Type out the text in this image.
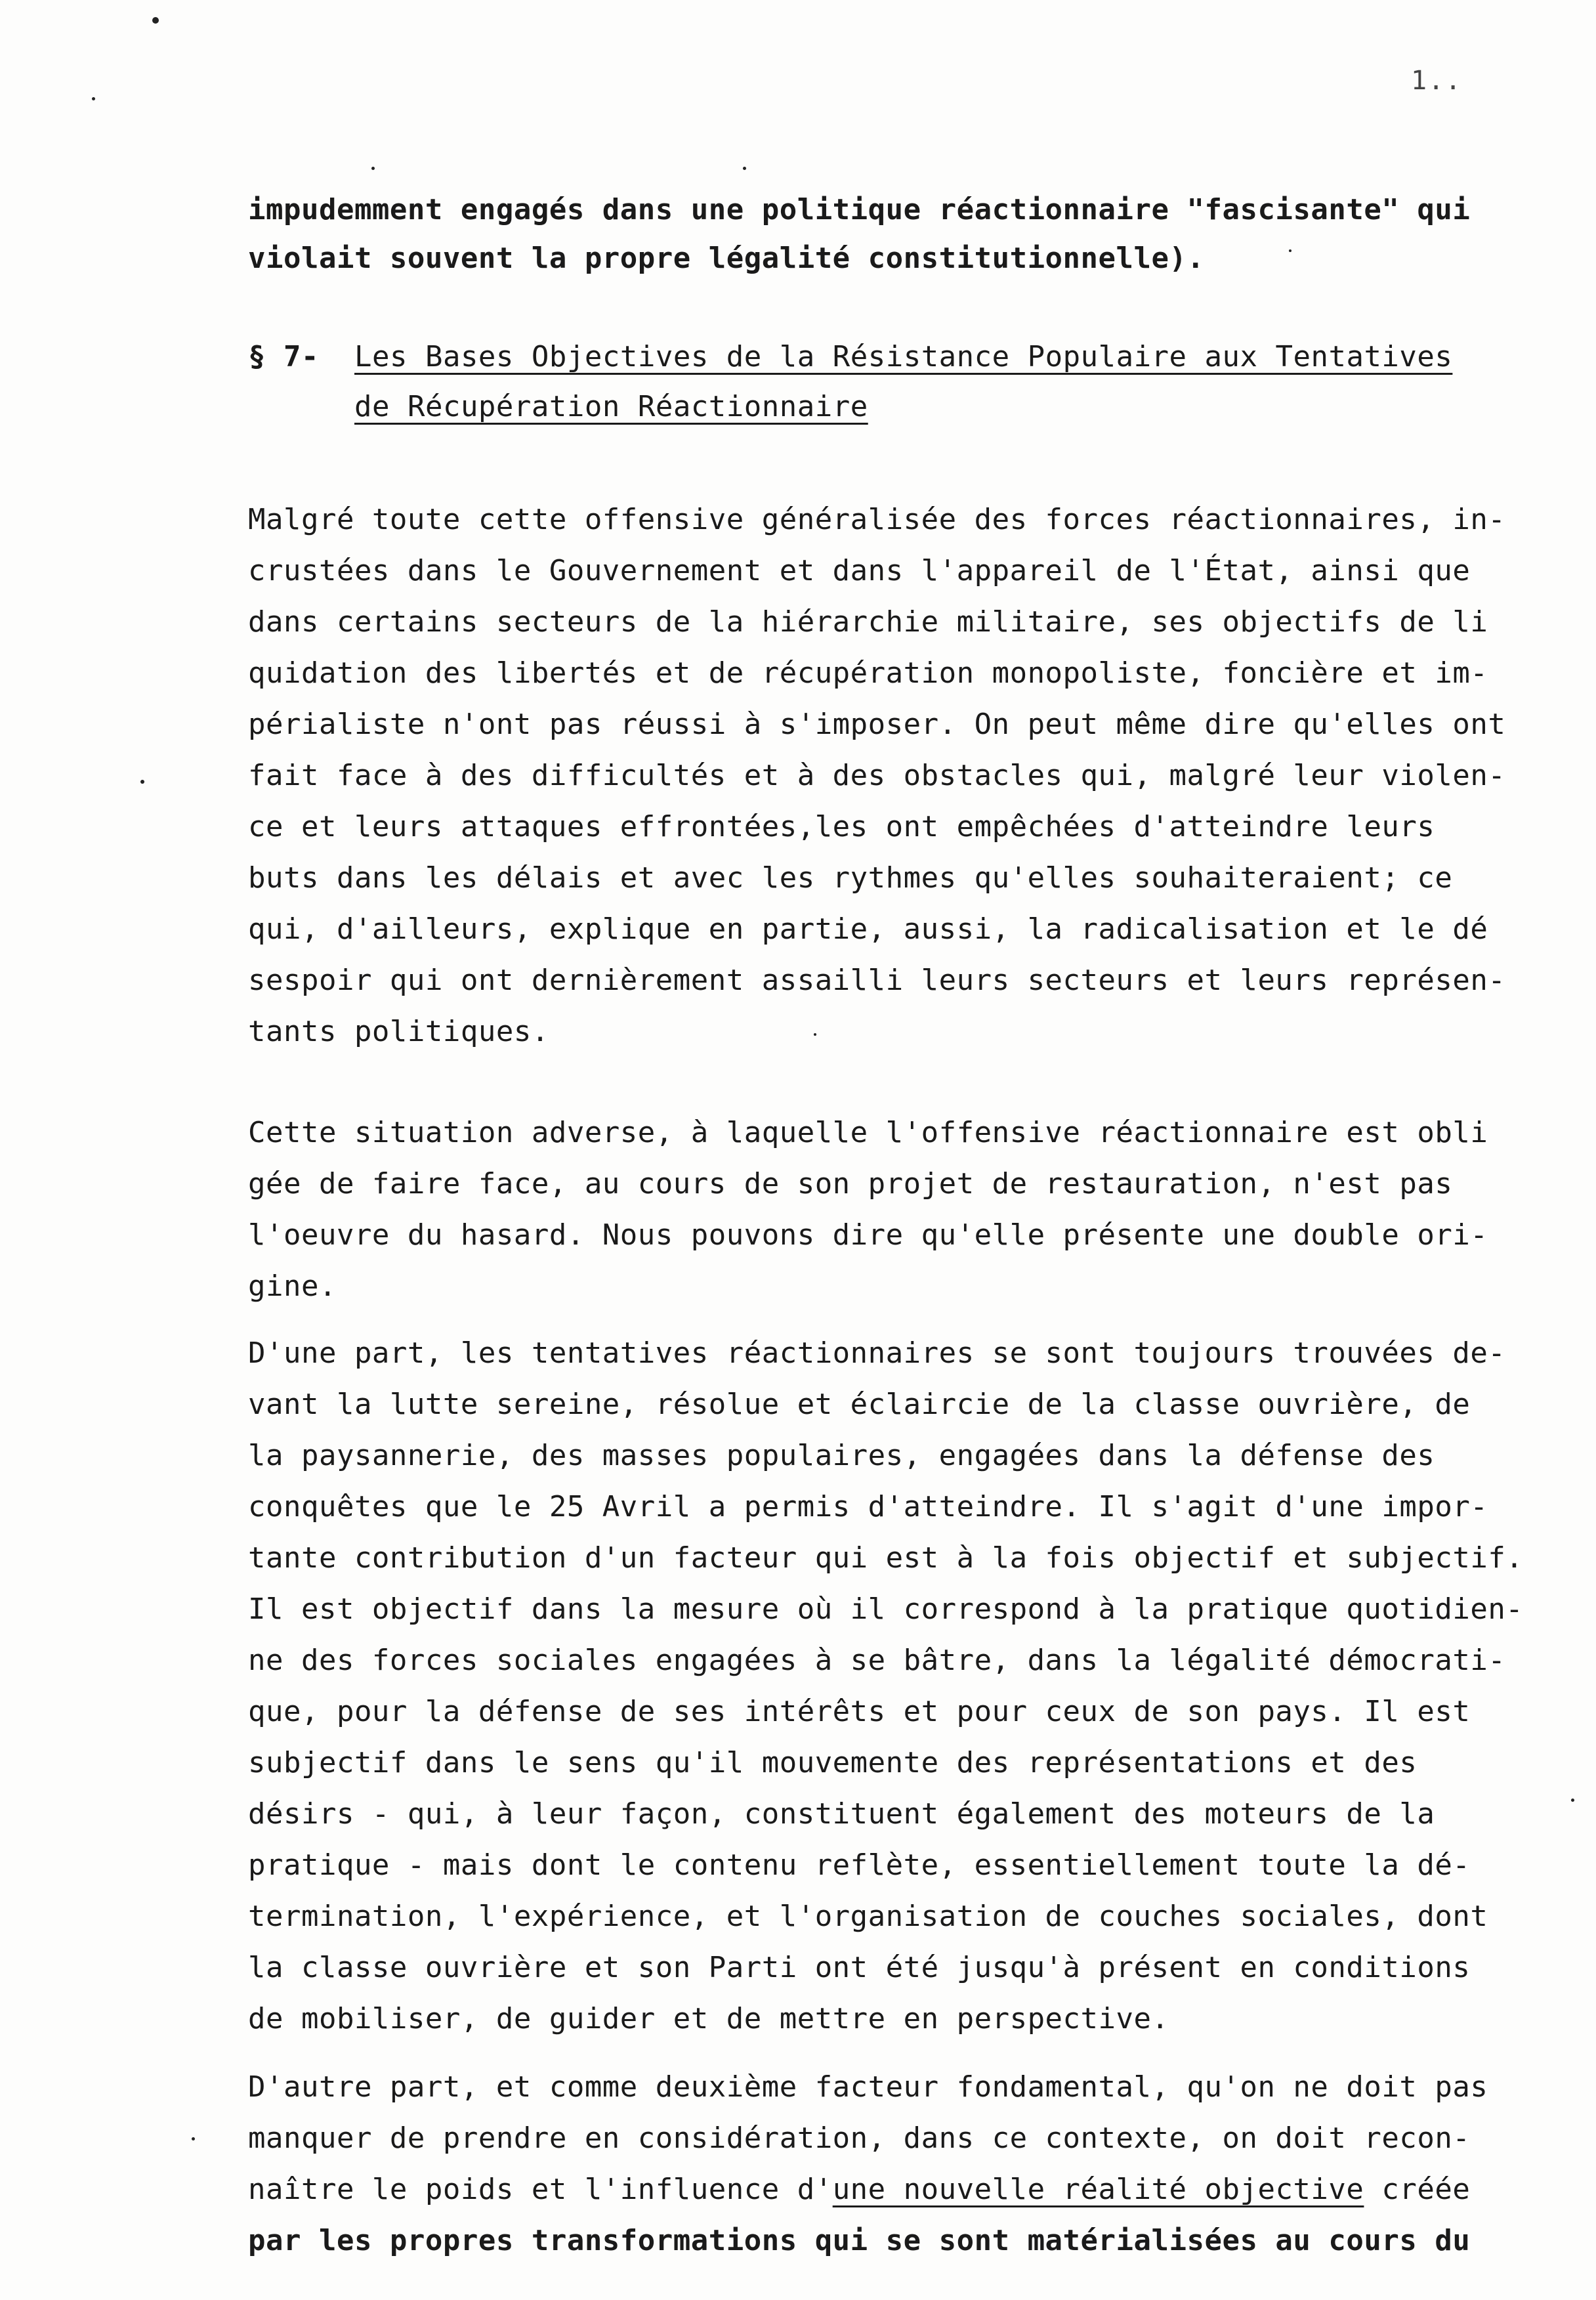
1..
impudemment engagés dans une politique réactionnaire "fascisante" qui
violait souvent la propre légalité constitutionnelle).
§ 7- Les Bases Objectives de la Résistance Populaire aux Tentatives
de Récupération Réactionnaire
Malgré toute cette offensive généralisée des forces réactionnaires, in-
crustées dans le Gouvernement et dans l'appareil de l'État, ainsi que
dans certains secteurs de la hiérarchie militaire, ses objectifs de li
quidation des libertés et de récupération monopoliste, foncière et im-
périaliste n'ont pas réussi à s'imposer. On peut même dire qu'elles ont
fait face à des difficultés et à des obstacles qui, malgré leur violen-
ce et leurs attaques effrontées,les ont empêchées d'atteindre leurs
buts dans les délais et avec les rythmes qu'elles souhaiteraient; ce
qui, d'ailleurs, explique en partie, aussi, la radicalisation et le dé
sespoir qui ont dernièrement assailli leurs secteurs et leurs représen-
tants politiques.
Cette situation adverse, à laquelle l'offensive réactionnaire est obli
gée de faire face, au cours de son projet de restauration, n'est pas
l'oeuvre du hasard. Nous pouvons dire qu'elle présente une double ori-
gine.
D'une part, les tentatives réactionnaires se sont toujours trouvées de-
vant la lutte sereine, résolue et éclaircie de la classe ouvrière, de
la paysannerie, des masses populaires, engagées dans la défense des
conquêtes que le 25 Avril a permis d'atteindre. Il s'agit d'une impor-
tante contribution d'un facteur qui est à la fois objectif et subjectif.
Il est objectif dans la mesure où il correspond à la pratique quotidien-
ne des forces sociales engagées à se bâtre, dans la légalité démocrati-
que, pour la défense de ses intérêts et pour ceux de son pays. Il est
subjectif dans le sens qu'il mouvemente des représentations et des
désirs - qui, à leur façon, constituent également des moteurs de la
pratique - mais dont le contenu reflète, essentiellement toute la dé-
termination, l'expérience, et l'organisation de couches sociales, dont
la classe ouvrière et son Parti ont été jusqu'à présent en conditions
de mobiliser, de guider et de mettre en perspective.
D'autre part, et comme deuxième facteur fondamental, qu'on ne doit pas
manquer de prendre en considération, dans ce contexte, on doit recon-
naître le poids et l'influence d'une nouvelle réalité objective créée
par les propres transformations qui se sont matérialisées au cours du
